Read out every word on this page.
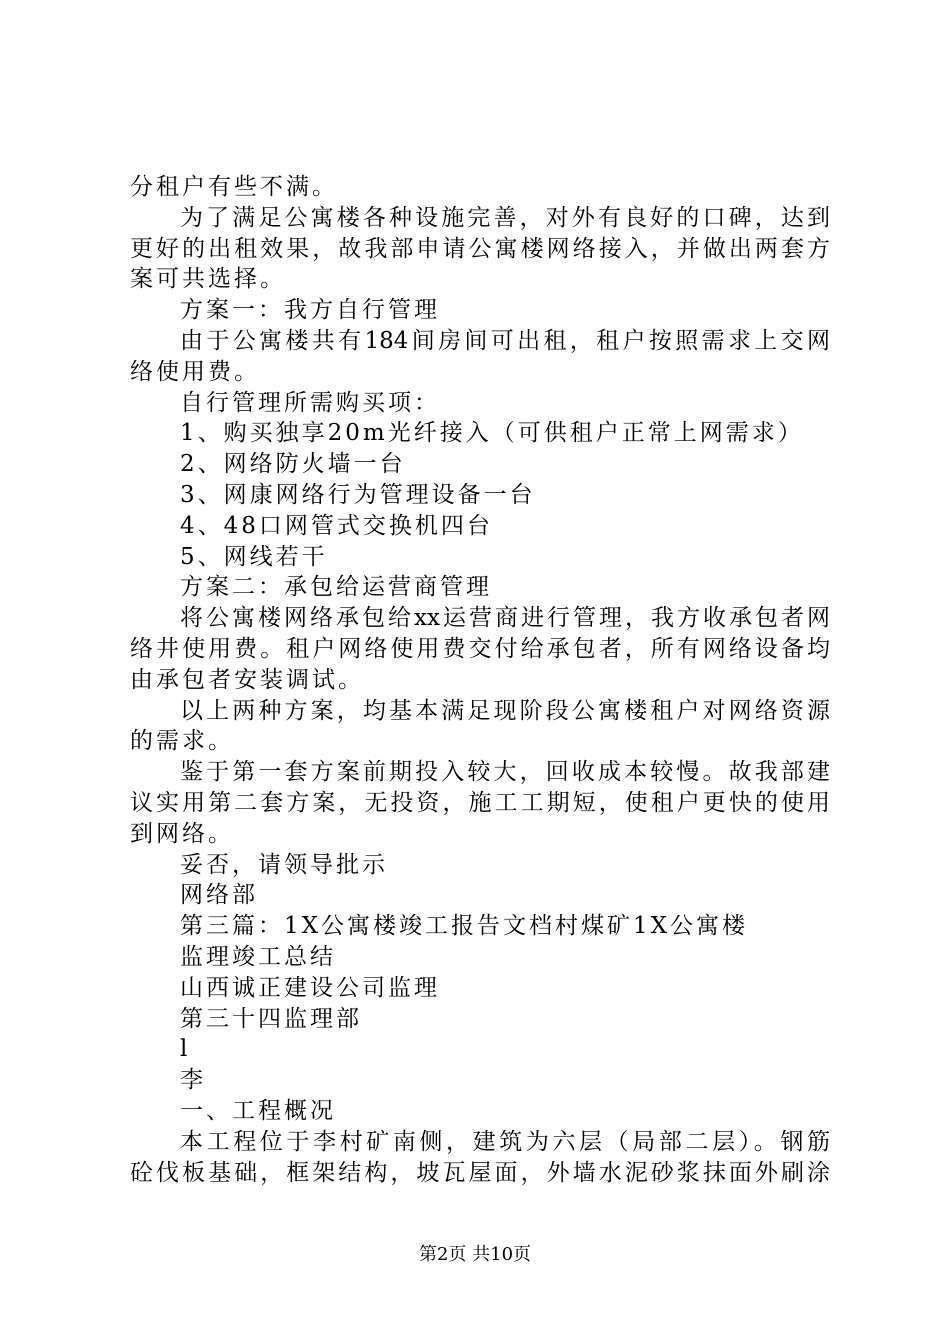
分租户有些不满。
为了满足公寓楼各种设施完善，对外有良好的口碑，达到
更好的出租效果，故我部申请公寓楼网络接入，并做出两套方
案可共选择。
方案一：我方自行管理
由于公寓楼共有184间房间可出租，租户按照需求上交网
络使用费。
自行管理所需购买项：
1、购买独享20m光纤接入（可供租户正常上网需求）
2、网络防火墙一台
3、网康网络行为管理设备一台
4、48口网管式交换机四台
5、网线若干
方案二：承包给运营商管理
将公寓楼网络承包给xx运营商进行管理，我方收承包者网
络井使用费。租户网络使用费交付给承包者，所有网络设备均
由承包者安装调试。
以上两种方案，均基本满足现阶段公寓楼租户对网络资源
的需求。
鉴于第一套方案前期投入较大，回收成本较慢。故我部建
议实用第二套方案，无投资，施工工期短，使租户更快的使用
到网络。
妥否，请领导批示
网络部
第三篇：1X公寓楼竣工报告文档村煤矿1X公寓楼
监理竣工总结
山西诚正建设公司监理
第三十四监理部
l
李
一、工程概况
本工程位于李村矿南侧，建筑为六层（局部二层）。钢筋
砼伐板基础，框架结构，坡瓦屋面，外墙水泥砂浆抹面外刷涂
第2页 共10页
